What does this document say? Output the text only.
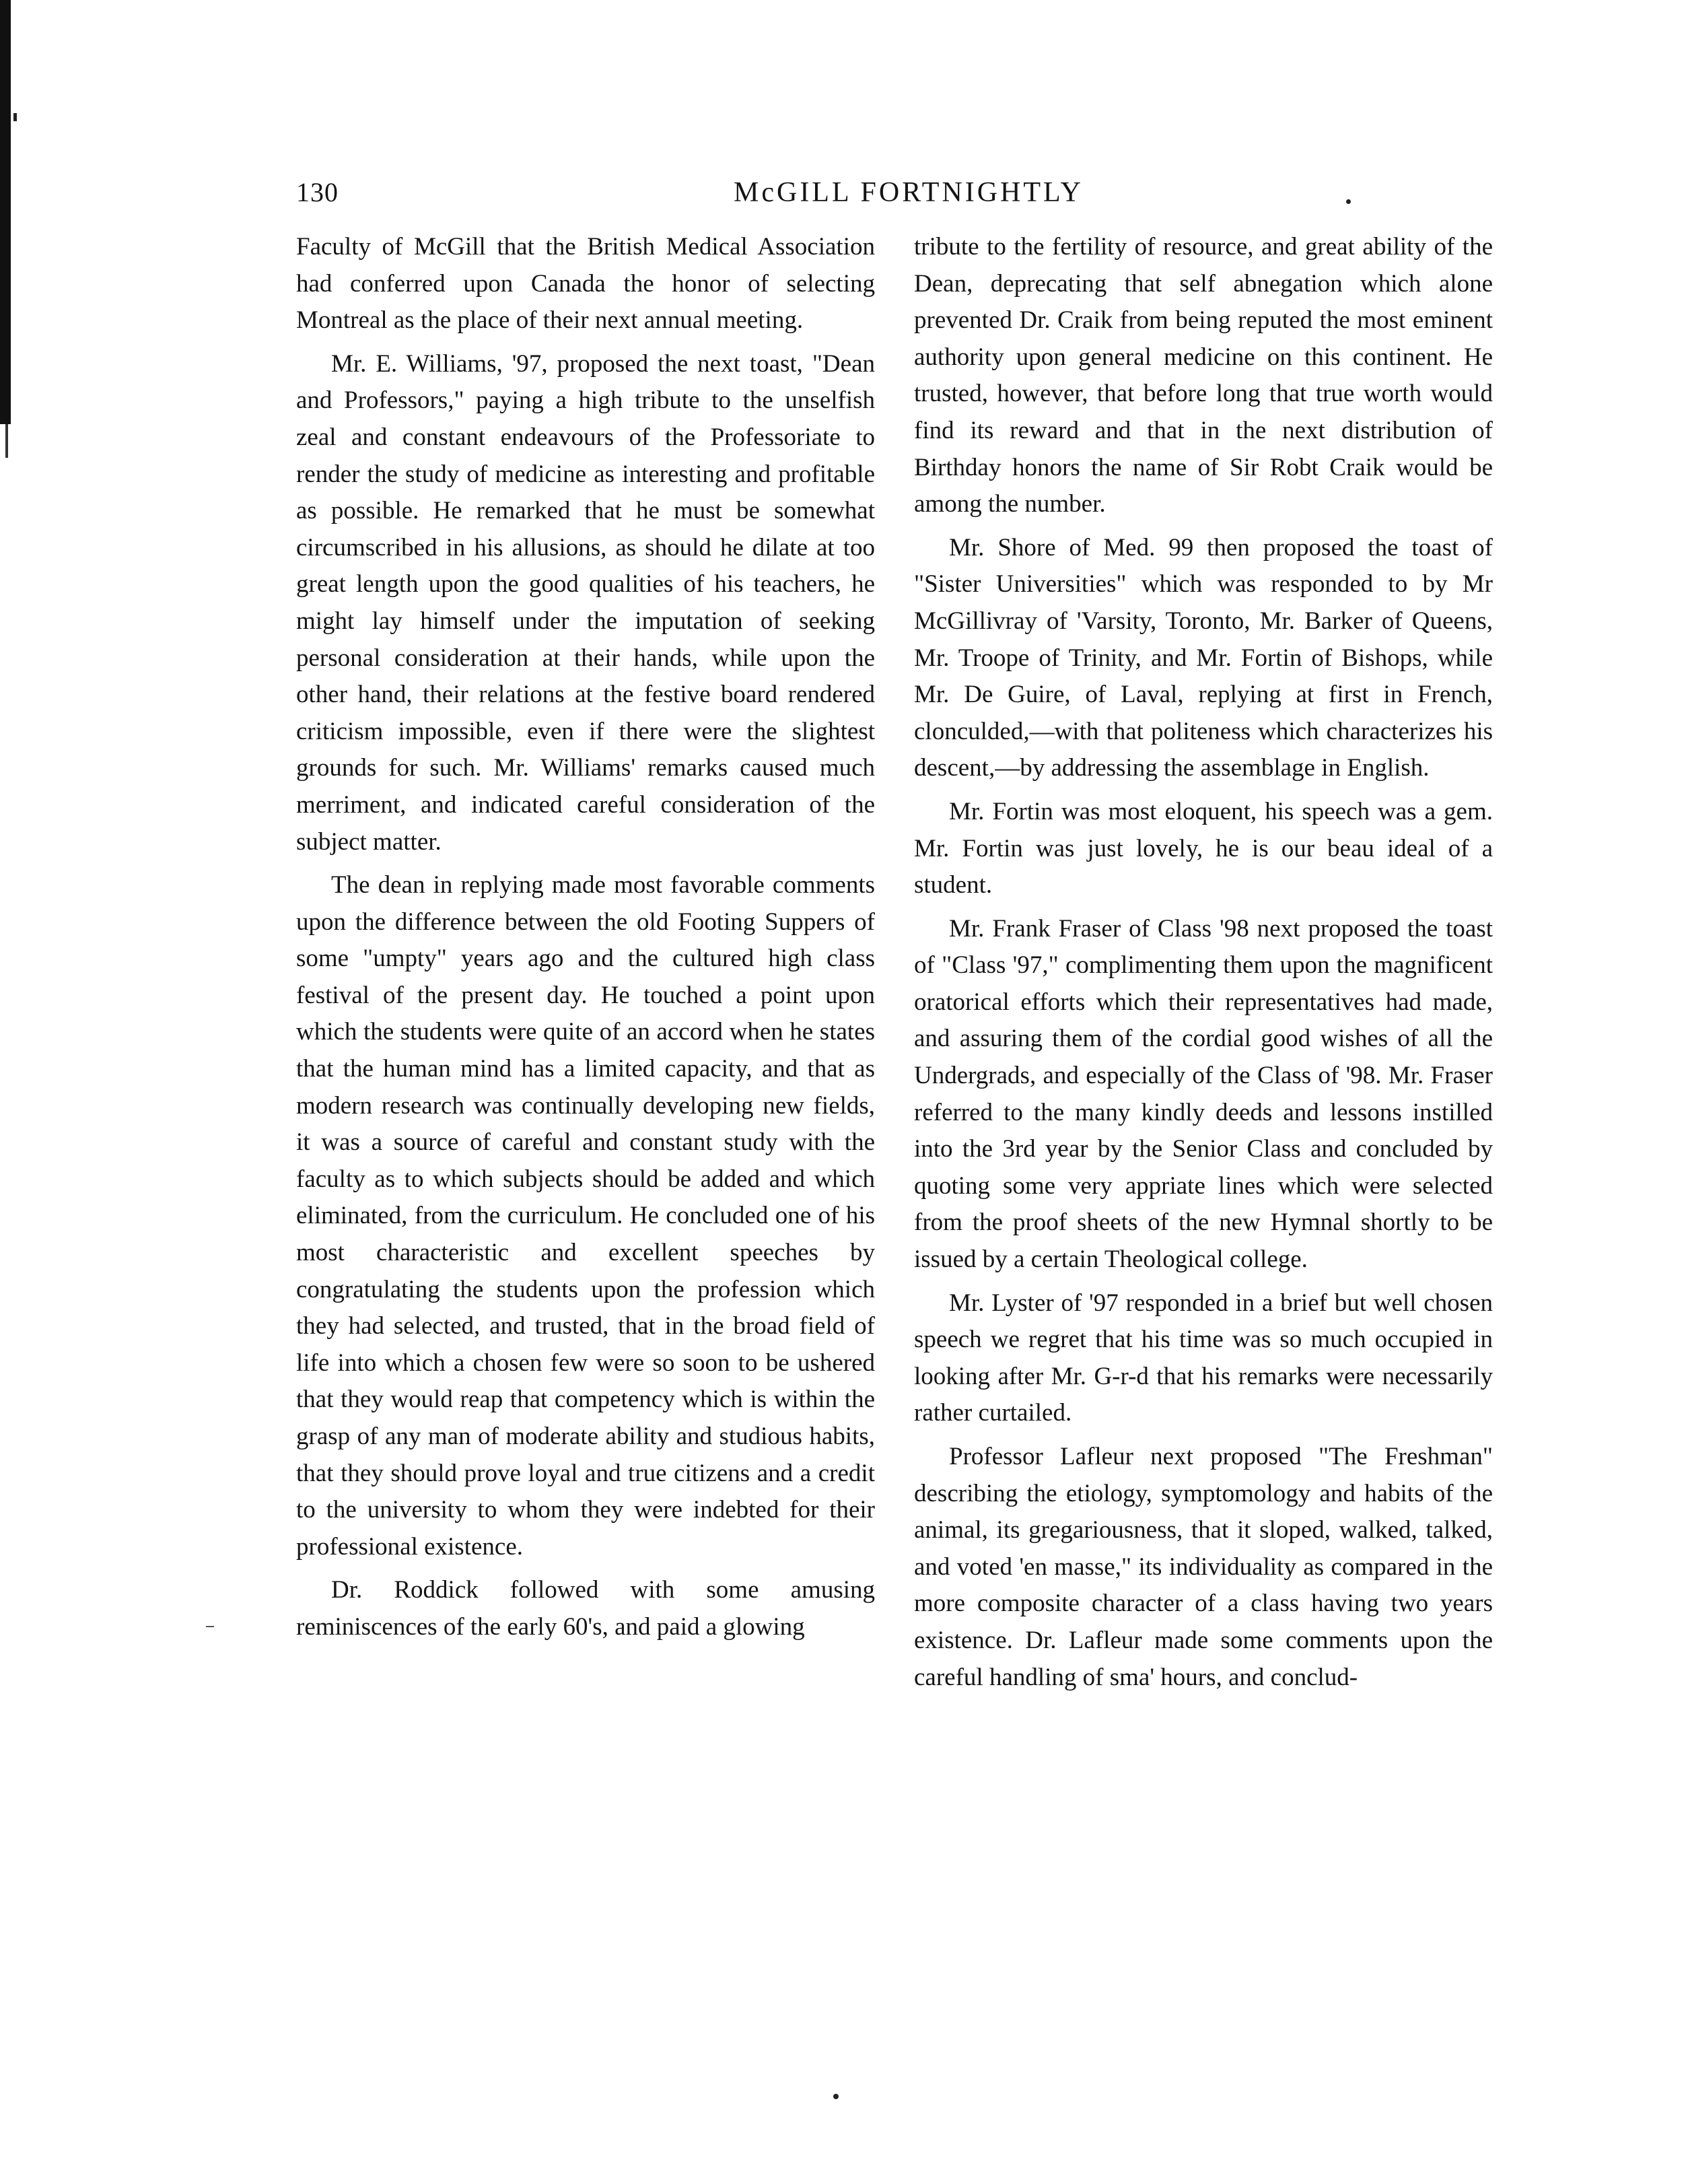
130	McGILL FORTNIGHTLY

Faculty of McGill that the British Medical Association had conferred upon Canada the honor of selecting Montreal as the place of their next annual meeting.

Mr. E. Williams, '97, proposed the next toast, "Dean and Professors," paying a high tribute to the unselfish zeal and constant endeavours of the Professoriate to render the study of medicine as interesting and profitable as possible. He remarked that he must be somewhat circumscribed in his allusions, as should he dilate at too great length upon the good qualities of his teachers, he might lay himself under the imputation of seeking personal consideration at their hands, while upon the other hand, their relations at the festive board rendered criticism impossible, even if there were the slightest grounds for such. Mr. Williams' remarks caused much merriment, and indicated careful consideration of the subject matter.

The dean in replying made most favorable comments upon the difference between the old Footing Suppers of some "umpty" years ago and the cultured high class festival of the present day. He touched a point upon which the students were quite of an accord when he states that the human mind has a limited capacity, and that as modern research was continually developing new fields, it was a source of careful and constant study with the faculty as to which subjects should be added and which eliminated, from the curriculum. He concluded one of his most characteristic and excellent speeches by congratulating the students upon the profession which they had selected, and trusted, that in the broad field of life into which a chosen few were so soon to be ushered that they would reap that competency which is within the grasp of any man of moderate ability and studious habits, that they should prove loyal and true citizens and a credit to the university to whom they were indebted for their professional existence.

Dr. Roddick followed with some amusing reminiscences of the early 60's, and paid a glowing

tribute to the fertility of resource, and great ability of the Dean, deprecating that self abnegation which alone prevented Dr. Craik from being reputed the most eminent authority upon general medicine on this continent. He trusted, however, that before long that true worth would find its reward and that in the next distribution of Birthday honors the name of Sir Robt Craik would be among the number.

Mr. Shore of Med. 99 then proposed the toast of "Sister Universities" which was responded to by Mr McGillivray of 'Varsity, Toronto, Mr. Barker of Queens, Mr. Troope of Trinity, and Mr. Fortin of Bishops, while Mr. De Guire, of Laval, replying at first in French, clonculded,—with that politeness which characterizes his descent,—by addressing the assemblage in English.

Mr. Fortin was most eloquent, his speech was a gem. Mr. Fortin was just lovely, he is our beau ideal of a student.

Mr. Frank Fraser of Class '98 next proposed the toast of "Class '97," complimenting them upon the magnificent oratorical efforts which their representatives had made, and assuring them of the cordial good wishes of all the Undergrads, and especially of the Class of '98. Mr. Fraser referred to the many kindly deeds and lessons instilled into the 3rd year by the Senior Class and concluded by quoting some very appriate lines which were selected from the proof sheets of the new Hymnal shortly to be issued by a certain Theological college.

Mr. Lyster of '97 responded in a brief but well chosen speech we regret that his time was so much occupied in looking after Mr. G-r-d that his remarks were necessarily rather curtailed.

Professor Lafleur next proposed "The Freshman" describing the etiology, symptomology and habits of the animal, its gregariousness, that it sloped, walked, talked, and voted 'en masse," its individuality as compared in the more composite character of a class having two years existence. Dr. Lafleur made some comments upon the careful handling of sma' hours, and conclud-
